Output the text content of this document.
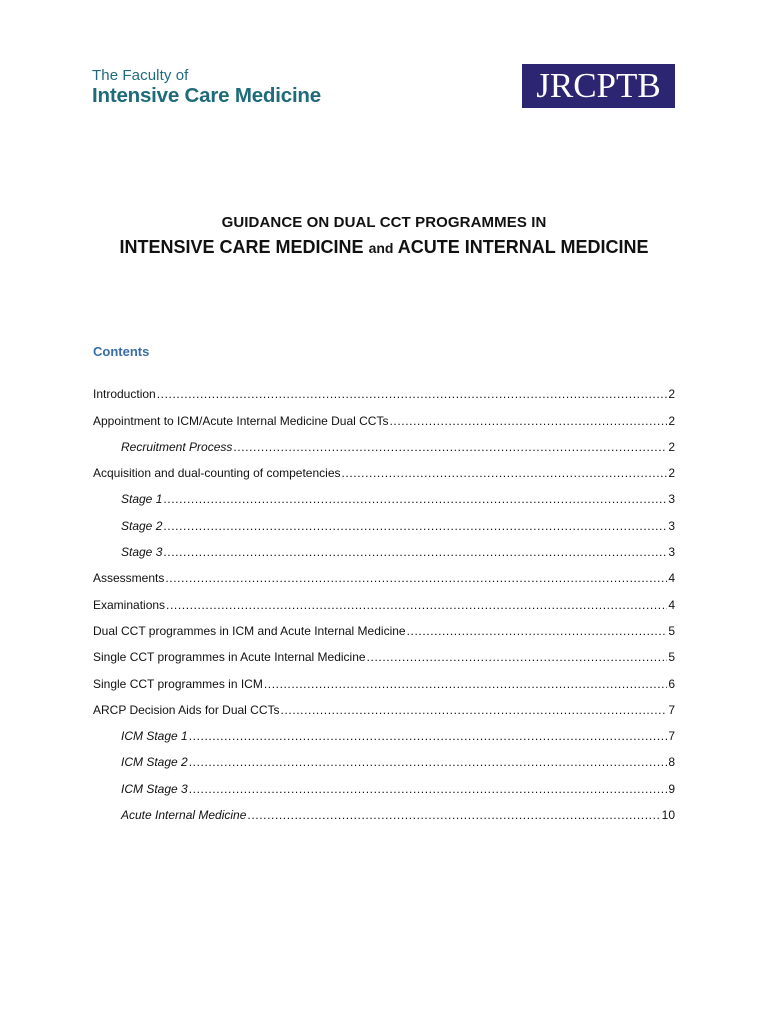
The Faculty of
Intensive Care Medicine	JRCPTB
GUIDANCE ON DUAL CCT PROGRAMMES IN
INTENSIVE CARE MEDICINE and ACUTE INTERNAL MEDICINE
Contents
Introduction .....	2
Appointment to ICM/Acute Internal Medicine Dual CCTs .....	2
Recruitment Process .....	2
Acquisition and dual-counting of competencies .....	2
Stage 1 .....	3
Stage 2 .....	3
Stage 3 .....	3
Assessments .....	4
Examinations .....	4
Dual CCT programmes in ICM and Acute Internal Medicine .....	5
Single CCT programmes in Acute Internal Medicine .....	5
Single CCT programmes in ICM .....	6
ARCP Decision Aids for Dual CCTs .....	7
ICM Stage 1 .....	7
ICM Stage 2 .....	8
ICM Stage 3 .....	9
Acute Internal Medicine .....	10
